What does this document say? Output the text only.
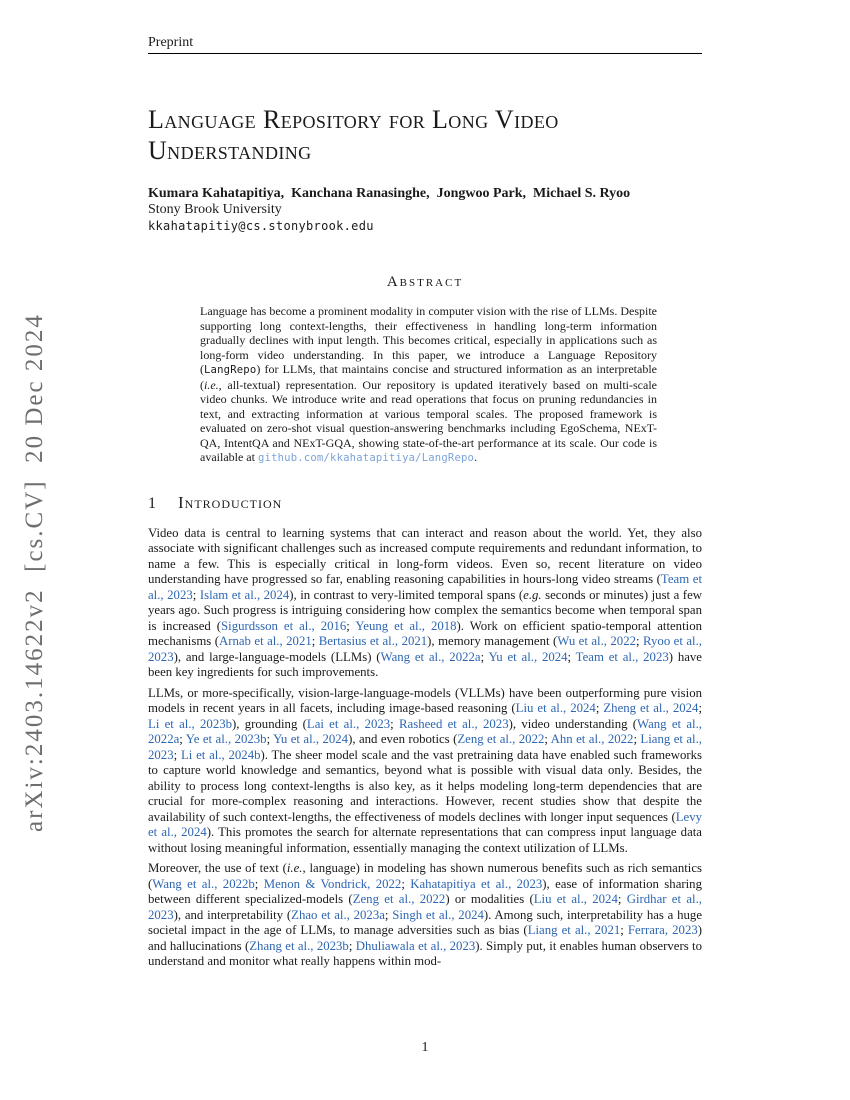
arXiv:2403.14622v2  [cs.CV]  20 Dec 2024
Preprint
Language Repository for Long Video
Understanding
Kumara Kahatapitiya,  Kanchana Ranasinghe,  Jongwoo Park,  Michael S. Ryoo
Stony Brook University
kkahatapitiy@cs.stonybrook.edu
Abstract
Language has become a prominent modality in computer vision with the rise of LLMs. Despite supporting long context-lengths, their effectiveness in handling long-term information gradually declines with input length. This becomes critical, especially in applications such as long-form video understanding. In this paper, we introduce a Language Repository (LangRepo) for LLMs, that maintains concise and structured information as an interpretable (i.e., all-textual) representation. Our repository is updated iteratively based on multi-scale video chunks. We introduce write and read operations that focus on pruning redundancies in text, and extracting information at various temporal scales. The proposed framework is evaluated on zero-shot visual question-answering benchmarks including EgoSchema, NExT-QA, IntentQA and NExT-GQA, showing state-of-the-art performance at its scale. Our code is available at github.com/kkahatapitiya/LangRepo.
1 Introduction
Video data is central to learning systems that can interact and reason about the world. Yet, they also associate with significant challenges such as increased compute requirements and redundant information, to name a few. This is especially critical in long-form videos. Even so, recent literature on video understanding have progressed so far, enabling reasoning capabilities in hours-long video streams (Team et al., 2023; Islam et al., 2024), in contrast to very-limited temporal spans (e.g. seconds or minutes) just a few years ago. Such progress is intriguing considering how complex the semantics become when temporal span is increased (Sigurdsson et al., 2016; Yeung et al., 2018). Work on efficient spatio-temporal attention mechanisms (Arnab et al., 2021; Bertasius et al., 2021), memory management (Wu et al., 2022; Ryoo et al., 2023), and large-language-models (LLMs) (Wang et al., 2022a; Yu et al., 2024; Team et al., 2023) have been key ingredients for such improvements.
LLMs, or more-specifically, vision-large-language-models (VLLMs) have been outperforming pure vision models in recent years in all facets, including image-based reasoning (Liu et al., 2024; Zheng et al., 2024; Li et al., 2023b), grounding (Lai et al., 2023; Rasheed et al., 2023), video understanding (Wang et al., 2022a; Ye et al., 2023b; Yu et al., 2024), and even robotics (Zeng et al., 2022; Ahn et al., 2022; Liang et al., 2023; Li et al., 2024b). The sheer model scale and the vast pretraining data have enabled such frameworks to capture world knowledge and semantics, beyond what is possible with visual data only. Besides, the ability to process long context-lengths is also key, as it helps modeling long-term dependencies that are crucial for more-complex reasoning and interactions. However, recent studies show that despite the availability of such context-lengths, the effectiveness of models declines with longer input sequences (Levy et al., 2024). This promotes the search for alternate representations that can compress input language data without losing meaningful information, essentially managing the context utilization of LLMs.
Moreover, the use of text (i.e., language) in modeling has shown numerous benefits such as rich semantics (Wang et al., 2022b; Menon & Vondrick, 2022; Kahatapitiya et al., 2023), ease of information sharing between different specialized-models (Zeng et al., 2022) or modalities (Liu et al., 2024; Girdhar et al., 2023), and interpretability (Zhao et al., 2023a; Singh et al., 2024). Among such, interpretability has a huge societal impact in the age of LLMs, to manage adversities such as bias (Liang et al., 2021; Ferrara, 2023) and hallucinations (Zhang et al., 2023b; Dhuliawala et al., 2023). Simply put, it enables human observers to understand and monitor what really happens within mod-
1
